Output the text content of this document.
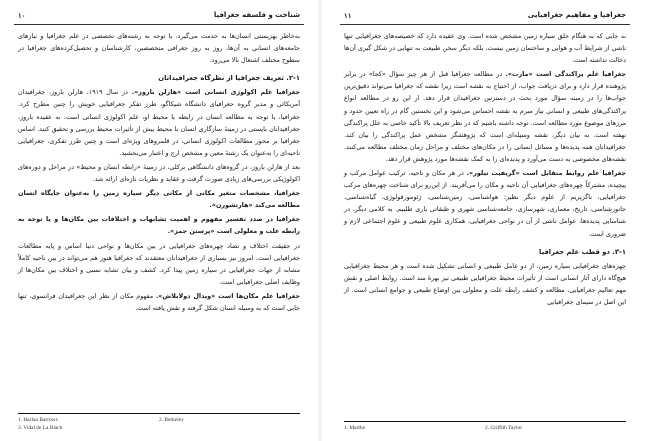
شناخت و فلسفه جغرافیا
١٠

به‌خاطر بهزیستی انسان‌ها به خدمت می‌گیرد. با توجه به رشته‌های تخصصی در علم جغرافیا و نیازهای جامعه‌های انسانی به آن‌ها، روز به روز جغرافی متخصصین، کارشناسان و تحصیل‌کرده‌های جغرافیا در سطوح مختلف اشتغال بالا می‌رود.

۲-۱. تعریف جغرافیا از نظرگاه جغرافیدانان

جغرافیا علم اکولوژی انسانی است «هارلن باروز». در سال ۱۹۱۹، هارلن باروز، جغرافیدان آمریکائی و مدیر گروه جغرافیای دانشگاه شیکاگو، طرز تفکر جغرافیایی خویش را چنین مطرح کرد. جغرافیا، با توجه به مطالعه انسان در رابطه با محیط او، علم اکولوژی انسانی است. به عقیده باروز، جغرافیدانان بایستی در زمینهٔ سازگاری انسان با محیط بیش از تأثیرات محیط بررسی و تحقیق کنند. اساس جغرافیا بر محور مطالعات اکولوژی انسانی، در قلمروهای ویژه‌ای است و چنین طرز تفکری، جغرافیایی ناحیه‌ای را به‌عنوان یک رشتهٔ معین و مشخص ارج و اعتبار می‌بخشید.

بعد از هارلن باروز، در گروه‌های دانشگاهی برکلی، در زمینهٔ «رابطه انسان و محیط» در مراحل و دوره‌های اکولوژیکی بررسی‌های زیادی صورت گرفت و عقاید و نظریات تازه‌ای ارائه شد.

جغرافیا، مشخصات متغیر مکانی از مکانی دیگر سیاره زمین را به‌عنوان جایگاه انسان مطالعه می‌کند «هارتشورن».

جغرافیا در صدد تفسیر مفهوم و اهمیت تشابهات و اختلافات بین مکان‌ها و یا توجه به رابطه علت و معلولی است «پرستن جمز».

در حقیقت اختلاف و تضاد چهره‌های جغرافیایی در بین مکان‌ها و نواحی دنیا اساس و پایه مطالعات جغرافیایی است. امروز نیز بسیاری از جغرافیدانان معتقدند که جغرافیا هنوز هم می‌تواند در بین ناحیه کاملاً مشابه از جهات جغرافیایی در سیاره زمین پیدا کرد. کشف و بیان تشابه نسبی و اختلاف بین مکان‌ها از وظایف اصلی جغرافیایی است.

جغرافیا علم مکان‌ها است «ویدال دولابلاش». مفهوم مکان از نظر این جغرافیدان فرانسوی، تنها جایی است که به وسیله انسان شکل گرفته و نقش یافته است.

1. Harlan Barrows	2. Berkeley
3. Vidal de La Blach
جغرافیا و مفاهیم جغرافیایی
١١

نه جایی که به هنگام خلق سیاره زمین مشخص شده است. وی عقیده دارد که خصیصه‌های جغرافیایی تنها ناشی از شرایط آب و هوایی و ساختمان زمین نیست، بلکه دیگر سخن طبیعت به تنهایی در شکل گیری آن‌ها دخالت نداشته است.

جغرافیا علم پراکندگی است «مارت». در مطالعه جغرافیا قبل از هر چیز سؤال «کجا» در برابر پژوهنده قرار دارد و برای دریافت جواب، از احتیاج به نقشه است زیرا نقشه که جغرافیا می‌تواند دقیق‌ترین جواب‌ها را در زمینه سؤال مورد بحث در دسترس جغرافیدان قرار دهد. از این رو در مطالعه انواع پراکندگی‌های طبیعی و انسانی نیاز مبرم به نقشه احساس می‌شود و این نخستین گام در راه تعیین حدود و مرزهای موضوع مورد مطالعه است. توجه داشته باشیم که در نظر تعریف بالا تأکید خاصی به علل پراکندگی نهفته است. به بیان دیگر، نقشه وسیله‌ای است که پژوهشگر مشخص عمل پراکندگی را بیان کند. جغرافیدانان همه پدیده‌ها و مسائل انسانی را در مکان‌های مختلف و مراحل زمان مختلف مطالعه می‌کنند. نقشه‌های مخصوصی به دست می‌آورد و پدیده‌ای را به کمک نقشه‌ها مورد پژوهش قرار دهد.

جغرافیا علم روابط متقابل است «گریفیث تیلور». در هر مکان و ناحیه، ترکیب عوامل مرکب و پیچیده، مشترکاً چهره‌های جغرافیایی آن ناحیه و مکان را می‌آفریند. از این‌رو برای شناخت چهره‌های مرکب جغرافیایی، ناگزیریم از علوم دیگر نظیر: هواشناسی، زمین‌شناسی، ژئومورفولوژی، گیاه‌شناسی، جانورشناسی، تاریخ، معماری، شهرسازی، جامعه‌شناسی شهری و طبقاتی یاری طلبیم. به کلامی دیگر، در شناسایی پدیده‌ها، عوامل ناشی از آن در نواحی جغرافیایی، همکاری علوم طبیعی و علوم اجتماعی لازم و ضروری است.

۳-۱. دو قطب علم جغرافیا

چهره‌های جغرافیایی سیاره زمین، از دو عامل طبیعی و انسانی تشکیل شده است و هر محیط جغرافیایی هیچ‌گاه دارای آثار انسانی است از تأثیرات محیط جغرافیایی طبیعی نیز بهرهٔ مند است. روابط اصلی و نقش مهم تعالیم جغرافیایی، مطالعه و کشف رابطه علت و معلولی بین اوضاع طبیعی و جوامع انسانی است. از این اصل در سیمای جغرافیایی

1. Marthe	2. Griffith Taylor
